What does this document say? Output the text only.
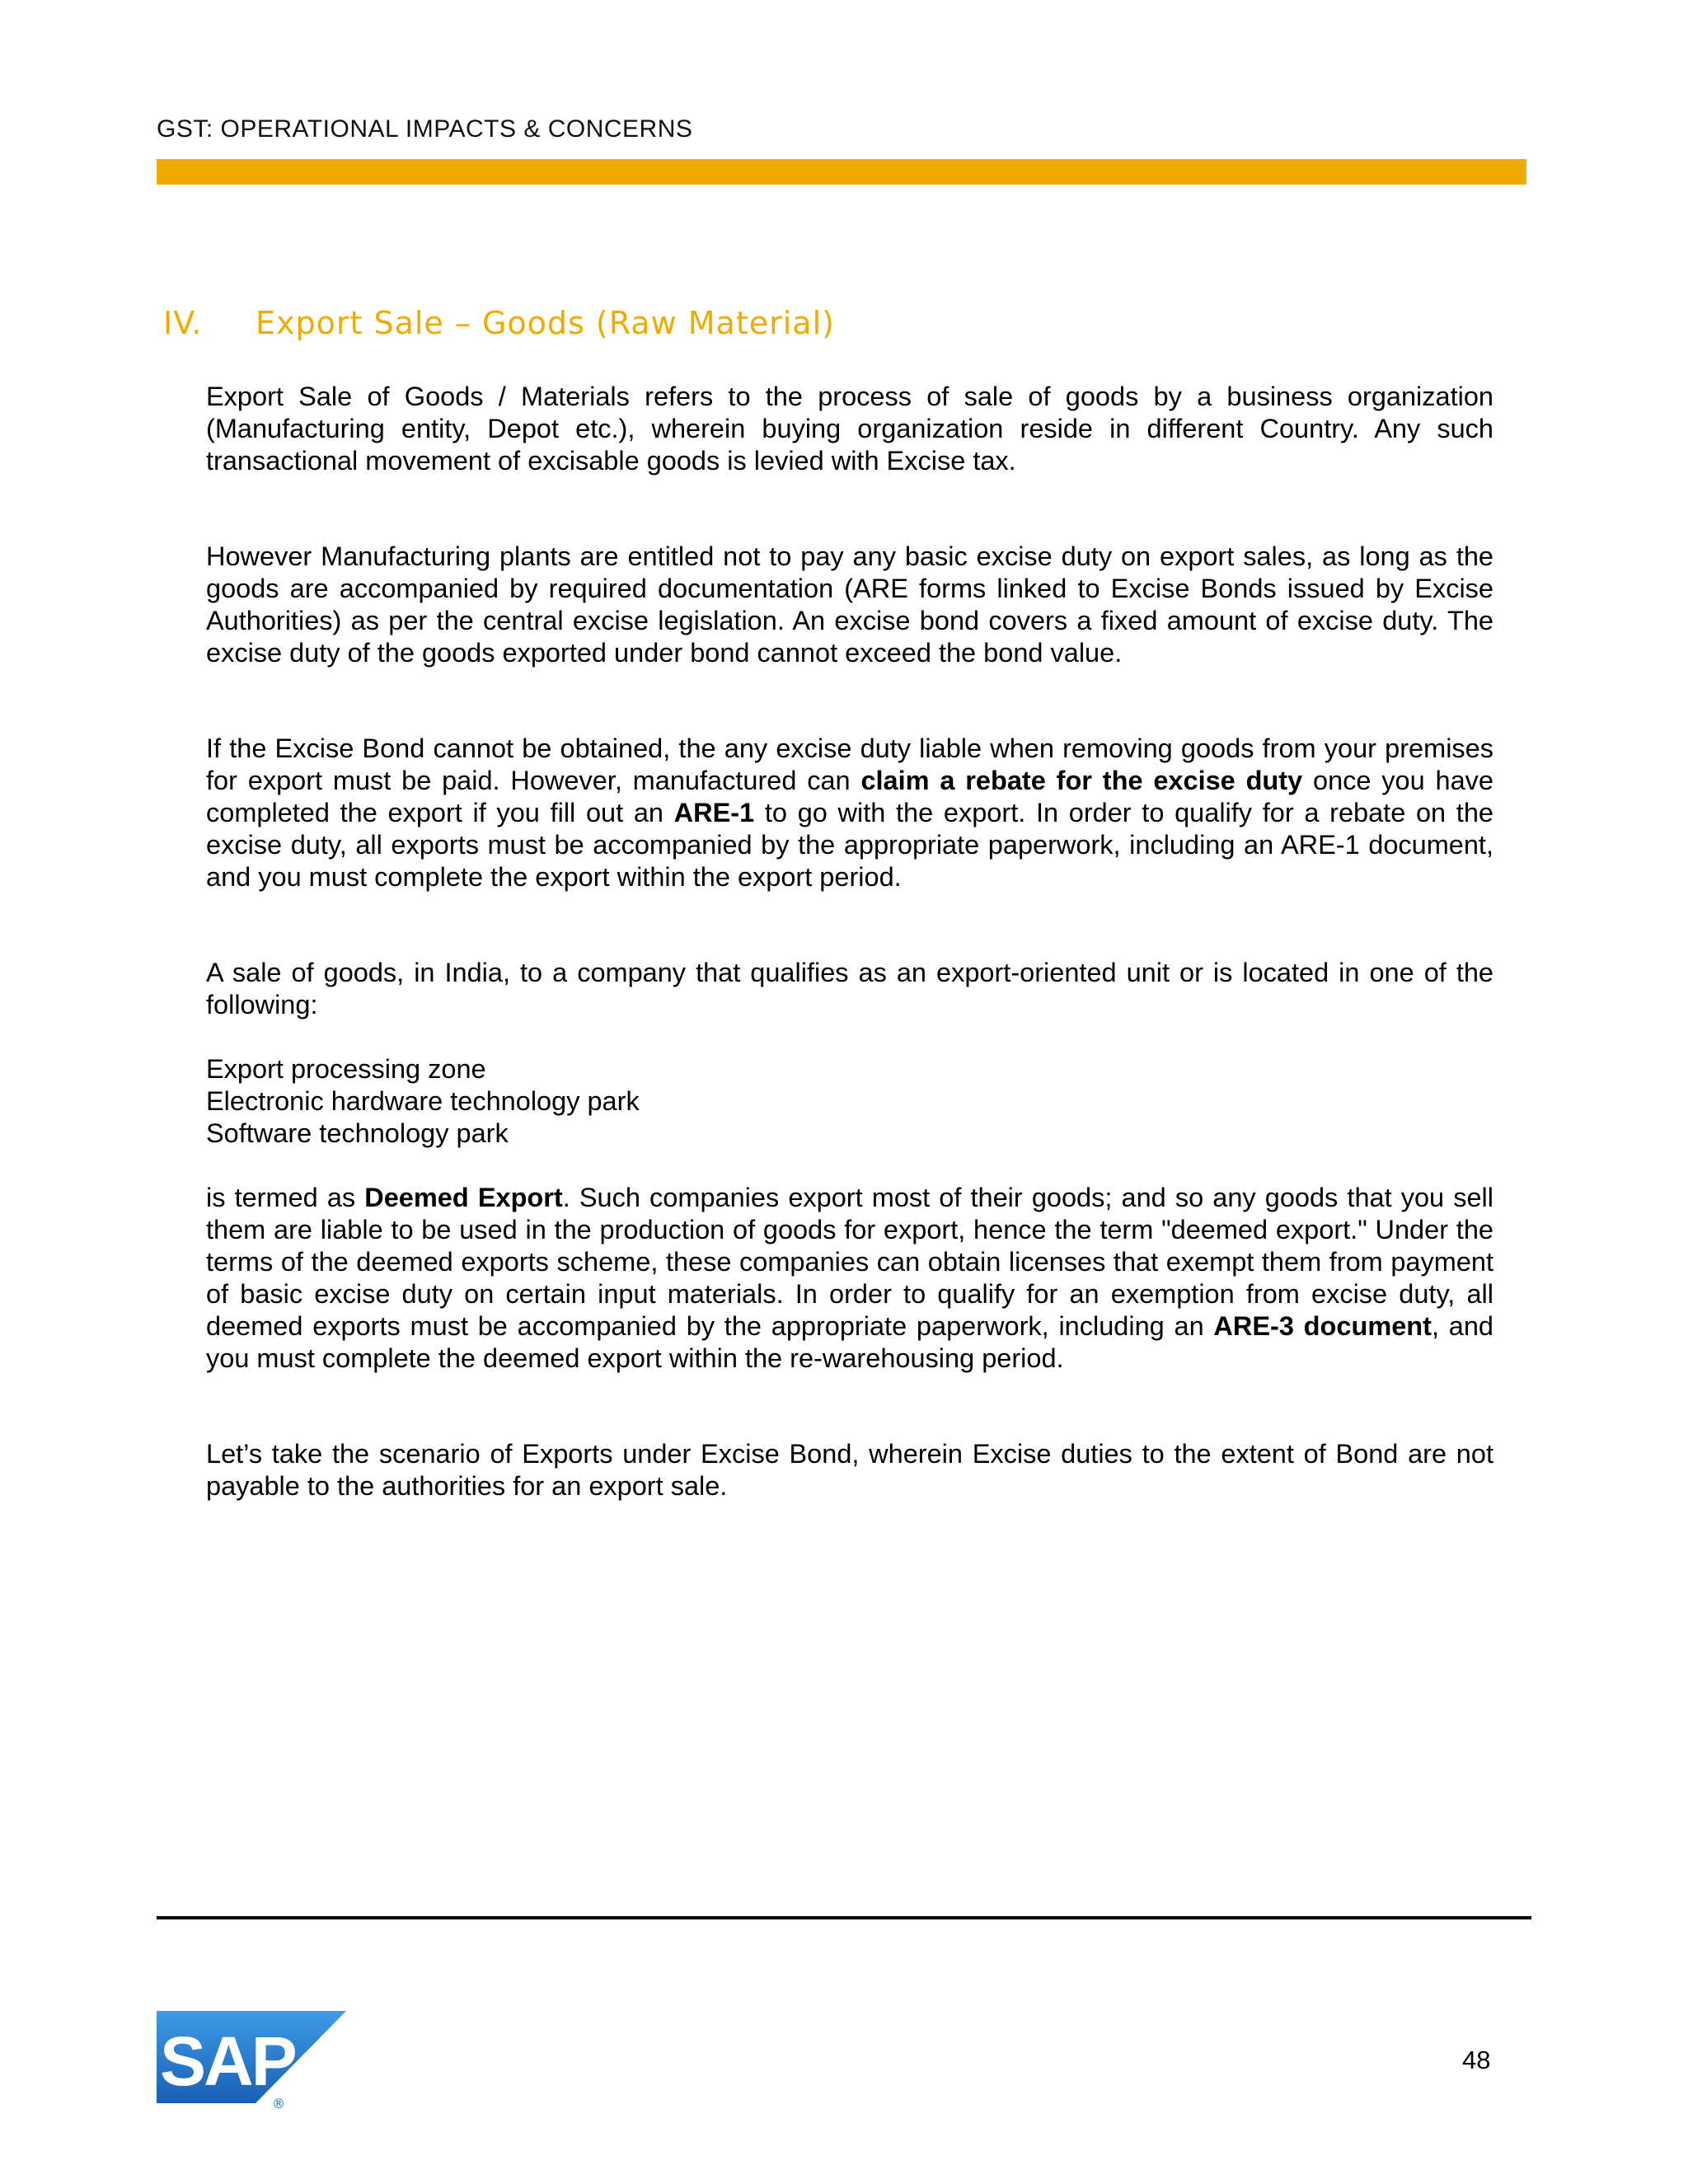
GST: OPERATIONAL IMPACTS & CONCERNS
IV.	Export Sale – Goods (Raw Material)

Export Sale of Goods / Materials refers to the process of sale of goods by a business organization (Manufacturing entity, Depot etc.), wherein buying organization reside in different Country. Any such transactional movement of excisable goods is levied with Excise tax.

However Manufacturing plants are entitled not to pay any basic excise duty on export sales, as long as the goods are accompanied by required documentation (ARE forms linked to Excise Bonds issued by Excise Authorities) as per the central excise legislation. An excise bond covers a fixed amount of excise duty. The excise duty of the goods exported under bond cannot exceed the bond value.

If the Excise Bond cannot be obtained, the any excise duty liable when removing goods from your premises for export must be paid. However, manufactured can claim a rebate for the excise duty once you have completed the export if you fill out an ARE-1 to go with the export. In order to qualify for a rebate on the excise duty, all exports must be accompanied by the appropriate paperwork, including an ARE-1 document, and you must complete the export within the export period.

A sale of goods, in India, to a company that qualifies as an export-oriented unit or is located in one of the following:

Export processing zone
Electronic hardware technology park
Software technology park

is termed as Deemed Export. Such companies export most of their goods; and so any goods that you sell them are liable to be used in the production of goods for export, hence the term "deemed export." Under the terms of the deemed exports scheme, these companies can obtain licenses that exempt them from payment of basic excise duty on certain input materials. In order to qualify for an exemption from excise duty, all deemed exports must be accompanied by the appropriate paperwork, including an ARE-3 document, and you must complete the deemed export within the re-warehousing period.

Let’s take the scenario of Exports under Excise Bond, wherein Excise duties to the extent of Bond are not payable to the authorities for an export sale.

SAP
®
48
